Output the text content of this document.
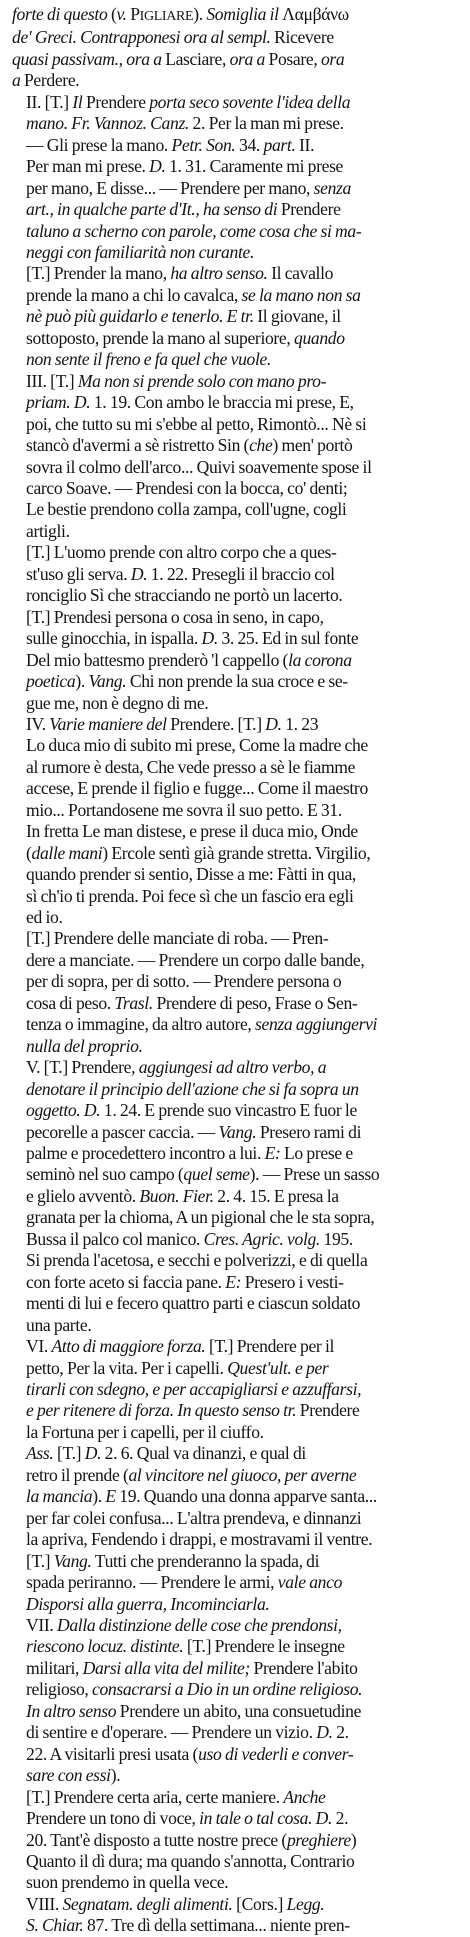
forte di questo (v. PIGLIARE). Somiglia il Λαμβάνω
de' Greci. Contrapponesi ora al sempl. Ricevere
quasi passivam., ora a Lasciare, ora a Posare, ora
a Perdere.
II. [T.] Il Prendere porta seco sovente l'idea della
mano. Fr. Vannoz. Canz. 2. Per la man mi prese.
— Gli prese la mano. Petr. Son. 34. part. II.
Per man mi prese. D. 1. 31. Caramente mi prese
per mano, E disse... — Prendere per mano, senza
art., in qualche parte d'It., ha senso di Prendere
taluno a scherno con parole, come cosa che si ma-
neggi con familiarità non curante.
[T.] Prender la mano, ha altro senso. Il cavallo
prende la mano a chi lo cavalca, se la mano non sa
nè può più guidarlo e tenerlo. E tr. Il giovane, il
sottoposto, prende la mano al superiore, quando
non sente il freno e fa quel che vuole.
III. [T.] Ma non si prende solo con mano pro-
priam. D. 1. 19. Con ambo le braccia mi prese, E,
poi, che tutto su mi s'ebbe al petto, Rimontò... Nè si
stancò d'avermi a sè ristretto Sin (che) men' portò
sovra il colmo dell'arco... Quivi soavemente spose il
carco Soave. — Prendesi con la bocca, co' denti;
Le bestie prendono colla zampa, coll'ugne, cogli
artigli.
[T.] L'uomo prende con altro corpo che a ques-
st'uso gli serva. D. 1. 22. Presegli il braccio col
ronciglio Sì che stracciando ne portò un lacerto.
[T.] Prendesi persona o cosa in seno, in capo,
sulle ginocchia, in ispalla. D. 3. 25. Ed in sul fonte
Del mio battesmo prenderò 'l cappello (la corona
poetica). Vang. Chi non prende la sua croce e se-
gue me, non è degno di me.
IV. Varie maniere del Prendere. [T.] D. 1. 23
Lo duca mio di subito mi prese, Come la madre che
al rumore è desta, Che vede presso a sè le fiamme
accese, E prende il figlio e fugge... Come il maestro
mio... Portandosene me sovra il suo petto. E 31.
In fretta Le man distese, e prese il duca mio, Onde
(dalle mani) Ercole sentì già grande stretta. Virgilio,
quando prender si sentio, Disse a me: Fàtti in qua,
sì ch'io ti prenda. Poi fece sì che un fascio era egli
ed io.
[T.] Prendere delle manciate di roba. — Pren-
dere a manciate. — Prendere un corpo dalle bande,
per di sopra, per di sotto. — Prendere persona o
cosa di peso. Trasl. Prendere di peso, Frase o Sen-
tenza o immagine, da altro autore, senza aggiungervi
nulla del proprio.
V. [T.] Prendere, aggiungesi ad altro verbo, a
denotare il principio dell'azione che si fa sopra un
oggetto. D. 1. 24. E prende suo vincastro E fuor le
pecorelle a pascer caccia. — Vang. Presero rami di
palme e procedettero incontro a lui. E: Lo prese e
seminò nel suo campo (quel seme). — Prese un sasso
e glielo avventò. Buon. Fier. 2. 4. 15. E presa la
granata per la chioma, A un pigional che le sta sopra,
Bussa il palco col manico. Cres. Agric. volg. 195.
Si prenda l'acetosa, e secchi e polverizzi, e di quella
con forte aceto si faccia pane. E: Presero i vesti-
menti di lui e fecero quattro parti e ciascun soldato
una parte.
VI. Atto di maggiore forza. [T.] Prendere per il
petto, Per la vita. Per i capelli. Quest'ult. e per
tirarli con sdegno, e per accapigliarsi e azzuffarsi,
e per ritenere di forza. In questo senso tr. Prendere
la Fortuna per i capelli, per il ciuffo.
Ass. [T.] D. 2. 6. Qual va dinanzi, e qual di
retro il prende (al vincitore nel giuoco, per averne
la mancia). E 19. Quando una donna apparve santa...
per far colei confusa... L'altra prendeva, e dinnanzi
la apriva, Fendendo i drappi, e mostravami il ventre.
[T.] Vang. Tutti che prenderanno la spada, di
spada periranno. — Prendere le armi, vale anco
Disporsi alla guerra, Incominciarla.
VII. Dalla distinzione delle cose che prendonsi,
riescono locuz. distinte. [T.] Prendere le insegne
militari, Darsi alla vita del milite; Prendere l'abito
religioso, consacrarsi a Dio in un ordine religioso.
In altro senso Prendere un abito, una consuetudine
di sentire e d'operare. — Prendere un vizio. D. 2.
22. A visitarli presi usata (uso di vederli e conver-
sare con essi).
[T.] Prendere certa aria, certe maniere. Anche
Prendere un tono di voce, in tale o tal cosa. D. 2.
20. Tant'è disposto a tutte nostre prece (preghiere)
Quanto il dì dura; ma quando s'annotta, Contrario
suon prendemo in quella vece.
VIII. Segnatam. degli alimenti. [Cors.] Legg.
S. Chiar. 87. Tre dì della settimana... niente pren-
